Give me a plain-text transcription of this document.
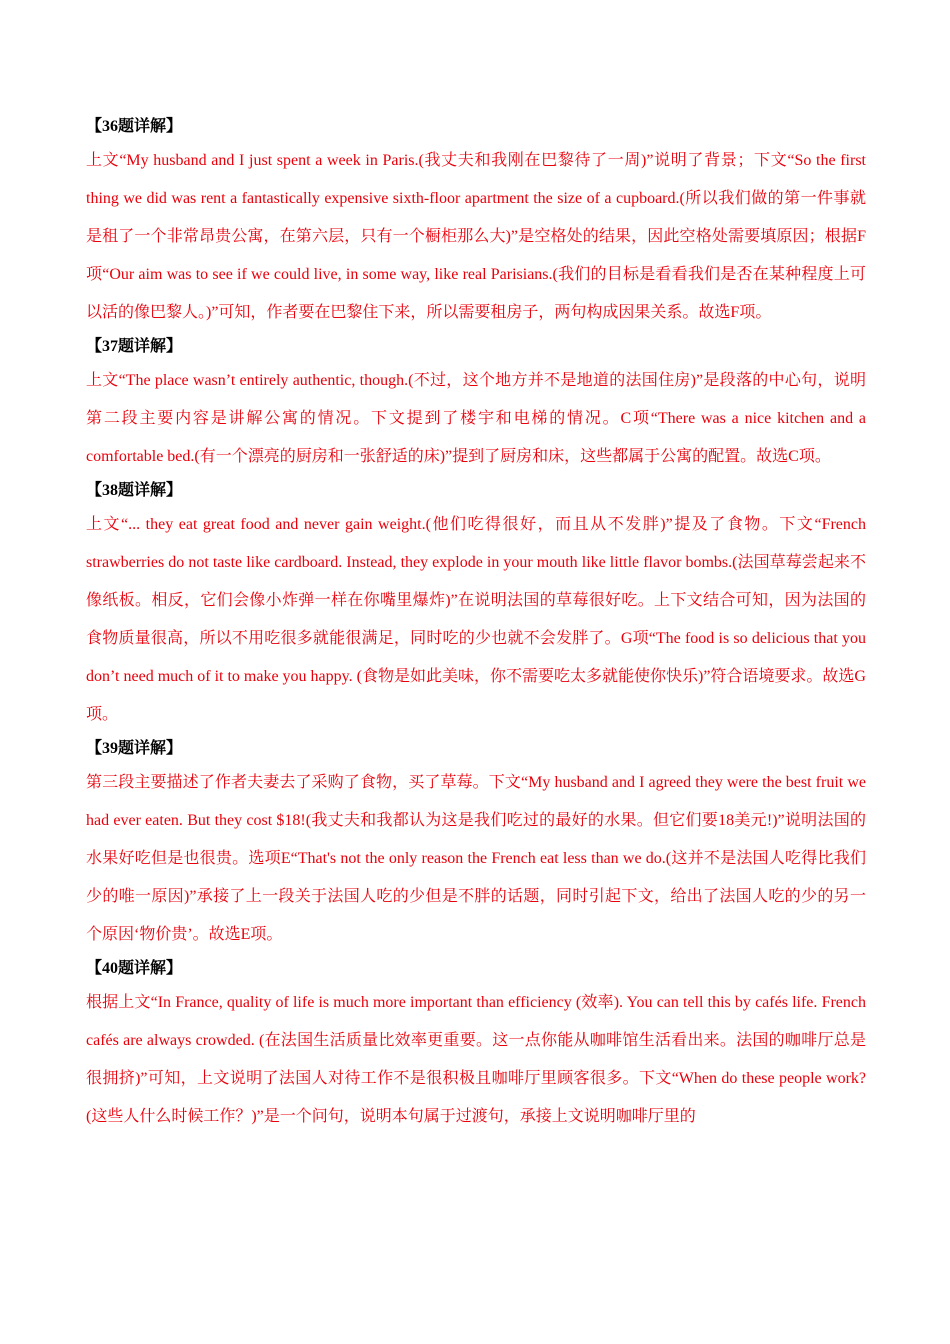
【36题详解】

上文“My husband and I just spent a week in Paris.(我丈夫和我刚在巴黎待了一周)”说明了背景；下文“So the first thing we did was rent a fantastically expensive sixth-floor apartment the size of a cupboard.(所以我们做的第一件事就是租了一个非常昂贵公寓，在第六层，只有一个橱柜那么大)”是空格处的结果，因此空格处需要填原因；根据F项“Our aim was to see if we could live, in some way, like real Parisians.(我们的目标是看看我们是否在某种程度上可以活的像巴黎人。)”可知，作者要在巴黎住下来，所以需要租房子，两句构成因果关系。故选F项。

【37题详解】

上文“The place wasn’t entirely authentic, though.(不过，这个地方并不是地道的法国住房)”是段落的中心句，说明第二段主要内容是讲解公寓的情况。下文提到了楼宇和电梯的情况。C项“There was a nice kitchen and a comfortable bed.(有一个漂亮的厨房和一张舒适的床)”提到了厨房和床，这些都属于公寓的配置。故选C项。

【38题详解】

上文“... they eat great food and never gain weight.(他们吃得很好，而且从不发胖)”提及了食物。下文“French strawberries do not taste like cardboard. Instead, they explode in your mouth like little flavor bombs.(法国草莓尝起来不像纸板。相反，它们会像小炸弹一样在你嘴里爆炸)”在说明法国的草莓很好吃。上下文结合可知，因为法国的食物质量很高，所以不用吃很多就能很满足，同时吃的少也就不会发胖了。G项“The food is so delicious that you don’t need much of it to make you happy. (食物是如此美味，你不需要吃太多就能使你快乐)”符合语境要求。故选G项。

【39题详解】

第三段主要描述了作者夫妻去了采购了食物，买了草莓。下文“My husband and I agreed they were the best fruit we had ever eaten. But they cost $18!(我丈夫和我都认为这是我们吃过的最好的水果。但它们要18美元!)”说明法国的水果好吃但是也很贵。选项E“That's not the only reason the French eat less than we do.(这并不是法国人吃得比我们少的唯一原因)”承接了上一段关于法国人吃的少但是不胖的话题，同时引起下文，给出了法国人吃的少的另一个原因‘物价贵’。故选E项。

【40题详解】

根据上文“In France, quality of life is much more important than efficiency (效率). You can tell this by cafés life. French cafés are always crowded. (在法国生活质量比效率更重要。这一点你能从咖啡馆生活看出来。法国的咖啡厅总是很拥挤)”可知，上文说明了法国人对待工作不是很积极且咖啡厅里顾客很多。下文“When do these people work?(这些人什么时候工作？)”是一个问句，说明本句属于过渡句，承接上文说明咖啡厅里的
